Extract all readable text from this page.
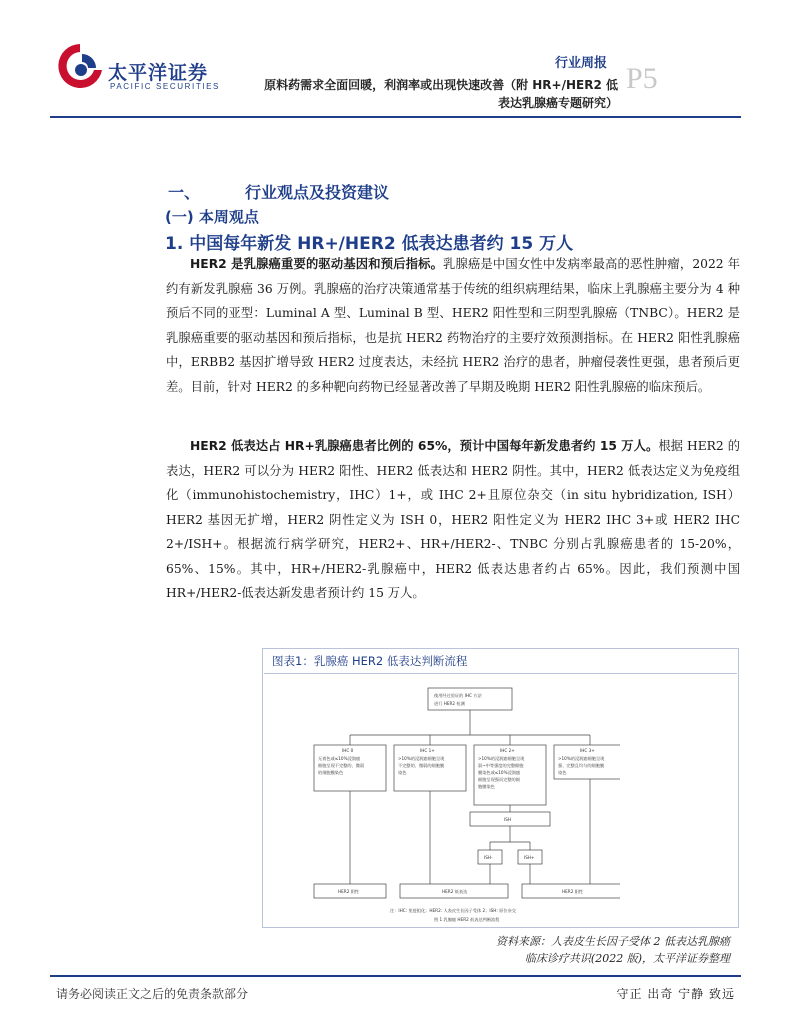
太平洋证券
PACIFIC SECURITIES
行业周报
原料药需求全面回暖，利润率或出现快速改善（附 HR+/HER2 低
表达乳腺癌专题研究）
P5
一、	行业观点及投资建议
(一) 本周观点
1. 中国每年新发 HR+/HER2 低表达患者约 15 万人

HER2 是乳腺癌重要的驱动基因和预后指标。乳腺癌是中国女性中发病率最高的恶性肿瘤，2022 年约有新发乳腺癌 36 万例。乳腺癌的治疗决策通常基于传统的组织病理结果，临床上乳腺癌主要分为 4 种预后不同的亚型：Luminal A 型、Luminal B 型、HER2 阳性型和三阴型乳腺癌（TNBC）。HER2 是乳腺癌重要的驱动基因和预后指标，也是抗 HER2 药物治疗的主要疗效预测指标。在 HER2 阳性乳腺癌中，ERBB2 基因扩增导致 HER2 过度表达，未经抗 HER2 治疗的患者，肿瘤侵袭性更强，患者预后更差。目前，针对 HER2 的多种靶向药物已经显著改善了早期及晚期 HER2 阳性乳腺癌的临床预后。

HER2 低表达占 HR+乳腺癌患者比例的 65%，预计中国每年新发患者约 15 万人。根据 HER2 的表达，HER2 可以分为 HER2 阳性、HER2 低表达和 HER2 阴性。其中，HER2 低表达定义为免疫组化（immunohistochemistry，IHC）1+，或 IHC 2+且原位杂交（in situ hybridization, ISH）HER2 基因无扩增，HER2 阴性定义为 ISH 0，HER2 阳性定义为 HER2 IHC 3+或 HER2 IHC 2+/ISH+。根据流行病学研究，HER2+、HR+/HER2-、TNBC 分别占乳腺癌患者的 15-20%，65%、15%。其中，HR+/HER2-乳腺癌中，HER2 低表达患者约占 65%。因此，我们预测中国 HR+/HER2-低表达新发患者预计约 15 万人。

图表1：乳腺癌 HER2 低表达判断流程
使用经过验证的 IHC 方法
进行 HER2 检测
IHC 0
无着色或≤10%浸润癌
细胞呈现不完整的、微弱
的细胞膜染色
IHC 1+
>10%的浸润癌细胞呈现
不完整的、微弱的细胞膜
染色
IHC 2+
>10%的浸润癌细胞呈现
弱~中等强度的完整细胞
膜染色或≤10%浸润癌
细胞呈现强而完整的细
胞膜染色
IHC 3+
>10%的浸润癌细胞呈现
强、完整且均匀的细胞膜
染色
ISH
ISH-	ISH+
HER2 阴性	HER2 低表达	HER2 阳性
注：IHC: 免疫组化；HER2: 人表皮生长因子受体 2；ISH: 原位杂交
图 1 乳腺癌 HER2 低表达判断流程
资料来源：人表皮生长因子受体 2 低表达乳腺癌
临床诊疗共识(2022 版)，太平洋证券整理
请务必阅读正文之后的免责条款部分	守正 出奇 宁静 致远
